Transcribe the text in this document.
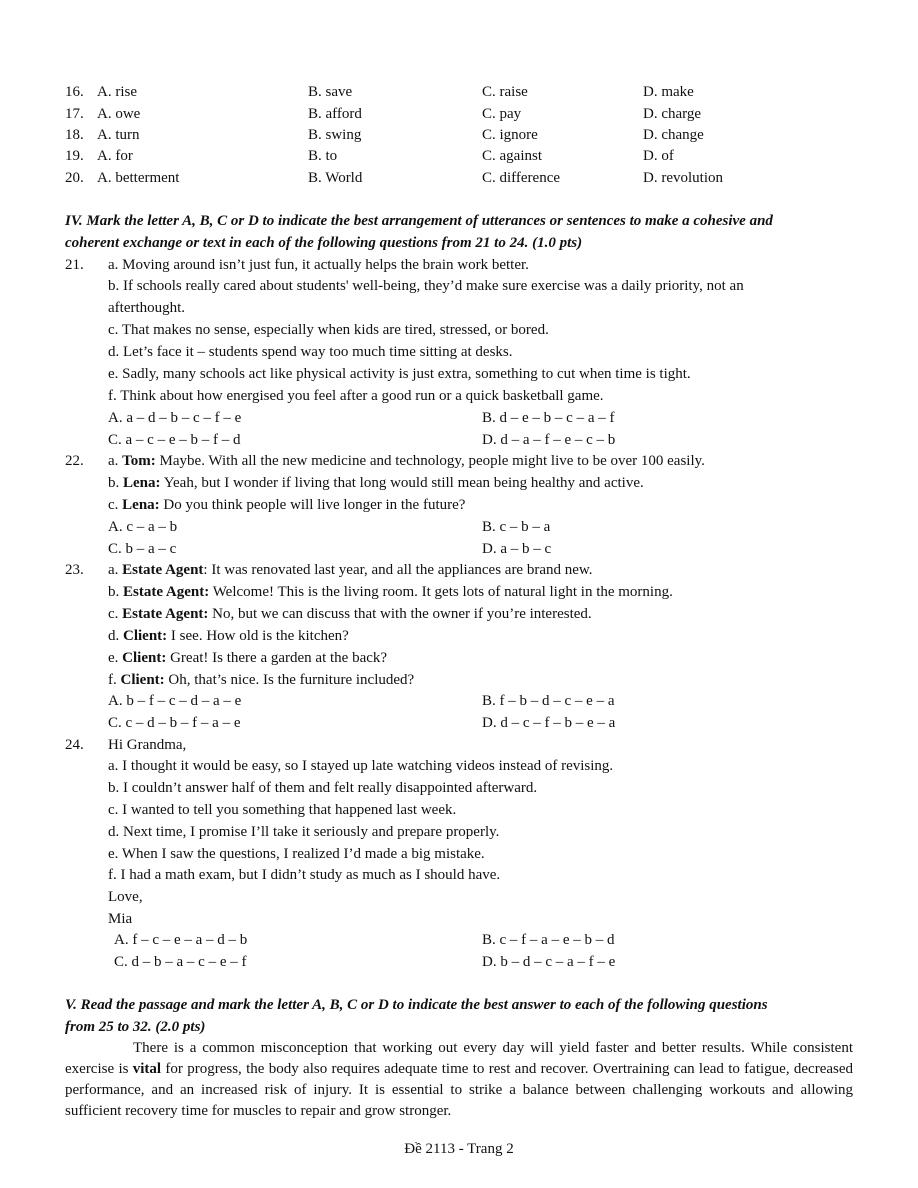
16. A. rise	B. save	C. raise	D. make
17. A. owe	B. afford	C. pay	D. charge
18. A. turn	B. swing	C. ignore	D. change
19. A. for	B. to	C. against	D. of
20. A. betterment	B. World	C. difference	D. revolution
IV. Mark the letter A, B, C or D to indicate the best arrangement of utterances or sentences to make a cohesive and
coherent exchange or text in each of the following questions from 21 to 24. (1.0 pts)
21. a. Moving around isn’t just fun, it actually helps the brain work better.
b. If schools really cared about students' well-being, they’d make sure exercise was a daily priority, not an
afterthought.
c. That makes no sense, especially when kids are tired, stressed, or bored.
d. Let’s face it – students spend way too much time sitting at desks.
e. Sadly, many schools act like physical activity is just extra, something to cut when time is tight.
f. Think about how energised you feel after a good run or a quick basketball game.
A. a – d – b – c – f – e	B. d – e – b – c – a – f
C. a – c – e – b – f – d	D. d – a – f – e – c – b
22. a. Tom: Maybe. With all the new medicine and technology, people might live to be over 100 easily.
b. Lena: Yeah, but I wonder if living that long would still mean being healthy and active.
c. Lena: Do you think people will live longer in the future?
A. c – a – b	B. c – b – a
C. b – a – c	D. a – b – c
23. a. Estate Agent: It was renovated last year, and all the appliances are brand new.
b. Estate Agent: Welcome! This is the living room. It gets lots of natural light in the morning.
c. Estate Agent: No, but we can discuss that with the owner if you’re interested.
d. Client: I see. How old is the kitchen?
e. Client: Great! Is there a garden at the back?
f. Client: Oh, that’s nice. Is the furniture included?
A. b – f – c – d – a – e	B. f – b – d – c – e – a
C. c – d – b – f – a – e	D. d – c – f – b – e – a
24. Hi Grandma,
a. I thought it would be easy, so I stayed up late watching videos instead of revising.
b. I couldn’t answer half of them and felt really disappointed afterward.
c. I wanted to tell you something that happened last week.
d. Next time, I promise I’ll take it seriously and prepare properly.
e. When I saw the questions, I realized I’d made a big mistake.
f. I had a math exam, but I didn’t study as much as I should have.
Love,
Mia
A. f – c – e – a – d – b	B. c – f – a – e – b – d
C. d – b – a – c – e – f	D. b – d – c – a – f – e
V. Read the passage and mark the letter A, B, C or D to indicate the best answer to each of the following questions
from 25 to 32. (2.0 pts)
There is a common misconception that working out every day will yield faster and better results. While consistent exercise is vital for progress, the body also requires adequate time to rest and recover. Overtraining can lead to fatigue, decreased performance, and an increased risk of injury. It is essential to strike a balance between challenging workouts and allowing sufficient recovery time for muscles to repair and grow stronger.
Đề 2113 - Trang 2
